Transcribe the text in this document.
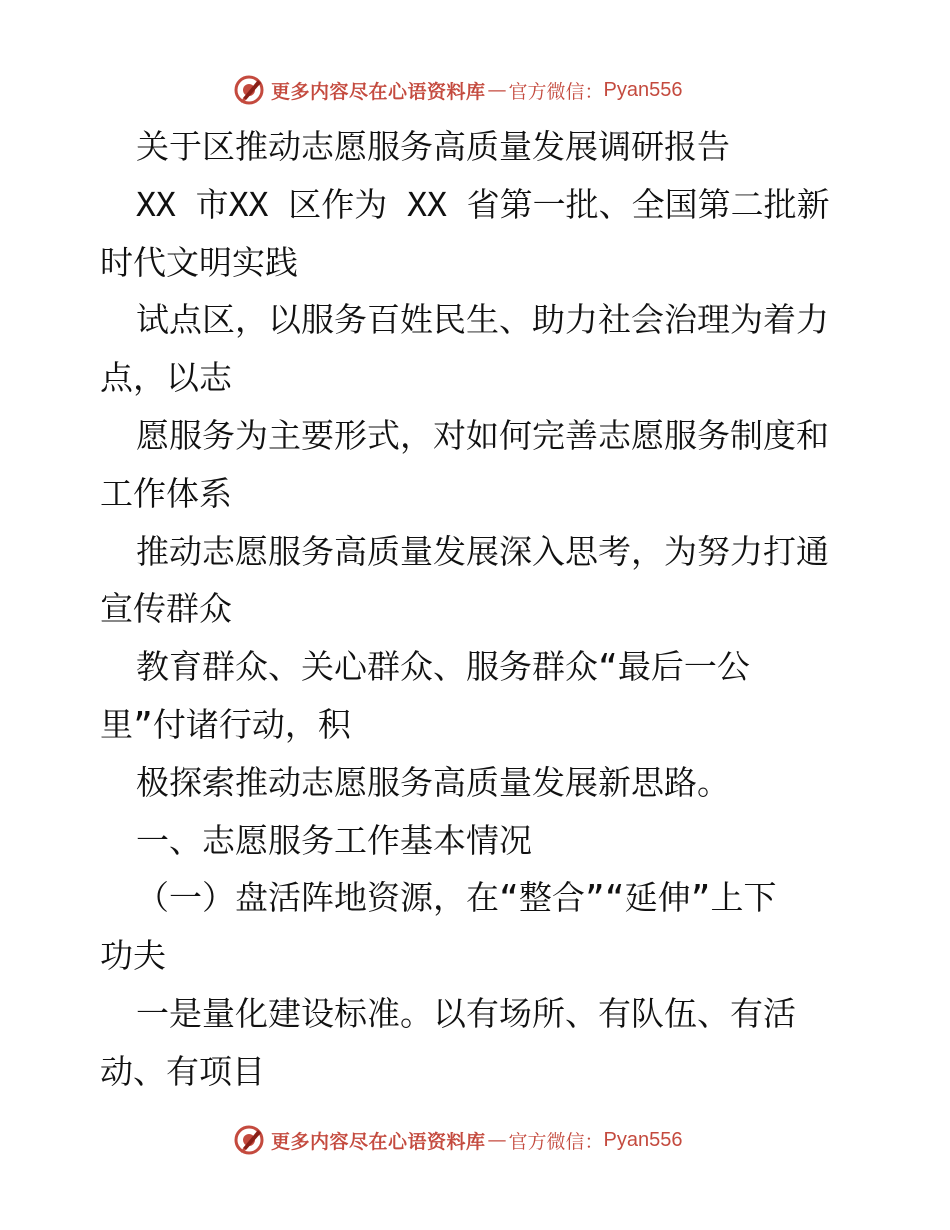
更多内容尽在心语资料库 — 官方微信： Pyan556
关于区推动志愿服务高质量发展调研报告
XX 市XX 区作为 XX 省第一批、全国第二批新
时代文明实践
试点区，以服务百姓民生、助力社会治理为着力
点，以志
愿服务为主要形式，对如何完善志愿服务制度和
工作体系
推动志愿服务高质量发展深入思考，为努力打通
宣传群众
教育群众、关心群众、服务群众“最后一公
里”付诸行动，积
极探索推动志愿服务高质量发展新思路。
一、志愿服务工作基本情况
（一）盘活阵地资源，在“整合”“延伸”上下
功夫
一是量化建设标准。以有场所、有队伍、有活
动、有项目
更多内容尽在心语资料库 — 官方微信： Pyan556
